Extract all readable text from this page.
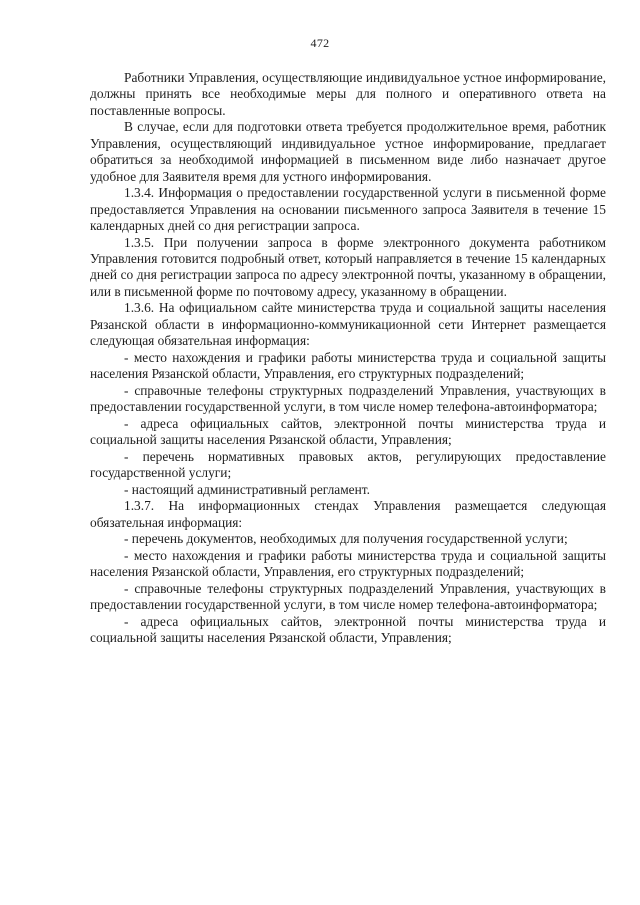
472

Работники Управления, осуществляющие индивидуальное устное информирование, должны принять все необходимые меры для полного и оперативного ответа на поставленные вопросы.

В случае, если для подготовки ответа требуется продолжительное время, работник Управления, осуществляющий индивидуальное устное информирование, предлагает обратиться за необходимой информацией в письменном виде либо назначает другое удобное для Заявителя время для устного информирования.

1.3.4. Информация о предоставлении государственной услуги в письменной форме предоставляется Управления на основании письменного запроса Заявителя в течение 15 календарных дней со дня регистрации запроса.

1.3.5. При получении запроса в форме электронного документа работником Управления готовится подробный ответ, который направляется в течение 15 календарных дней со дня регистрации запроса по адресу электронной почты, указанному в обращении, или в письменной форме по почтовому адресу, указанному в обращении.

1.3.6. На официальном сайте министерства труда и социальной защиты населения Рязанской области в информационно-коммуникационной сети Интернет размещается следующая обязательная информация:

- место нахождения и графики работы министерства труда и социальной защиты населения Рязанской области, Управления, его структурных подразделений;

- справочные телефоны структурных подразделений Управления, участвующих в предоставлении государственной услуги, в том числе номер телефона-автоинформатора;

- адреса официальных сайтов, электронной почты министерства труда и социальной защиты населения Рязанской области, Управления;

- перечень нормативных правовых актов, регулирующих предоставление государственной услуги;

- настоящий административный регламент.

1.3.7. На информационных стендах Управления размещается следующая обязательная информация:

- перечень документов, необходимых для получения государственной услуги;

- место нахождения и графики работы министерства труда и социальной защиты населения Рязанской области, Управления, его структурных подразделений;

- справочные телефоны структурных подразделений Управления, участвующих в предоставлении государственной услуги, в том числе номер телефона-автоинформатора;

- адреса официальных сайтов, электронной почты министерства труда и социальной защиты населения Рязанской области, Управления;
